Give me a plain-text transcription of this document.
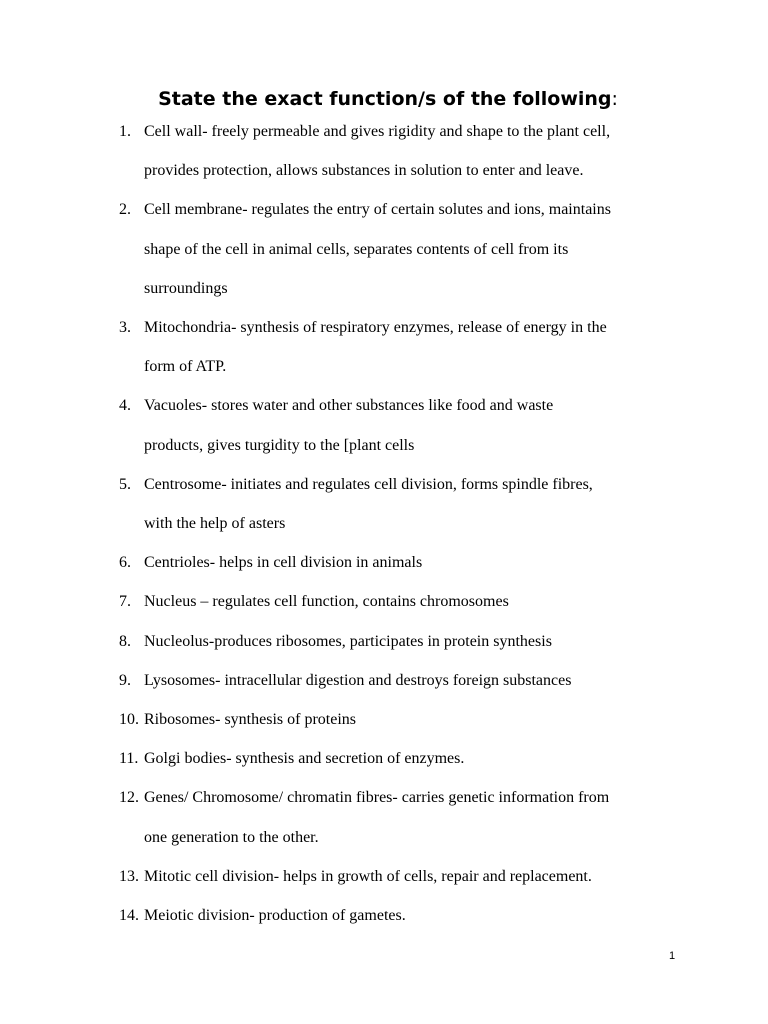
State the exact function/s of the following:
1. Cell wall- freely permeable and gives rigidity and shape to the plant cell,
provides protection, allows substances in solution to enter and leave.
2. Cell membrane- regulates the entry of certain solutes and ions, maintains
shape of the cell in animal cells, separates contents of cell from its
surroundings
3. Mitochondria- synthesis of respiratory enzymes, release of energy in the
form of ATP.
4. Vacuoles- stores water and other substances like food and waste
products, gives turgidity to the [plant cells
5. Centrosome- initiates and regulates cell division, forms spindle fibres,
with the help of asters
6. Centrioles- helps in cell division in animals
7. Nucleus – regulates cell function, contains chromosomes
8. Nucleolus-produces ribosomes, participates in protein synthesis
9. Lysosomes- intracellular digestion and destroys foreign substances
10. Ribosomes- synthesis of proteins
11. Golgi bodies- synthesis and secretion of enzymes.
12. Genes/ Chromosome/ chromatin fibres- carries genetic information from
one generation to the other.
13. Mitotic cell division- helps in growth of cells, repair and replacement.
14. Meiotic division- production of gametes.
1
